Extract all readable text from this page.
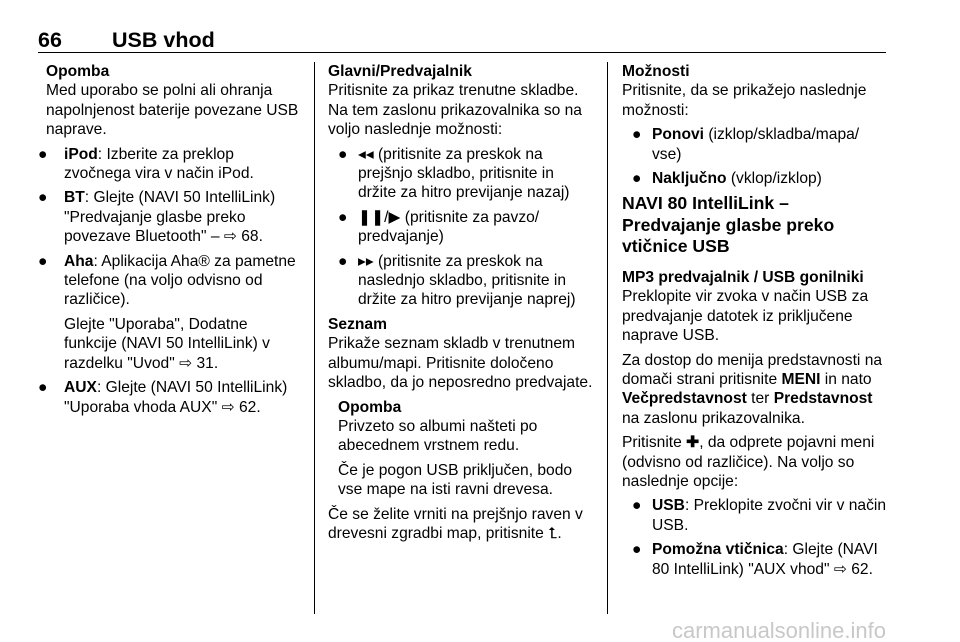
66 USB vhod

Opomba
Med uporabo se polni ali ohranja napolnjenost baterije povezane USB naprave.

● iPod: Izberite za preklop zvočnega vira v način iPod.
● BT: Glejte (NAVI 50 IntelliLink) "Predvajanje glasbe preko povezave Bluetooth" – ⇨ 68.
● Aha: Aplikacija Aha® za pametne telefone (na voljo odvisno od različice).

Glejte "Uporaba", Dodatne funkcije (NAVI 50 IntelliLink) v razdelku "Uvod" ⇨ 31.

● AUX: Glejte (NAVI 50 IntelliLink) "Uporaba vhoda AUX" ⇨ 62.

Glavni/Predvajalnik
Pritisnite za prikaz trenutne skladbe. Na tem zaslonu prikazovalnika so na voljo naslednje možnosti:

● ◂◂ (pritisnite za preskok na prejšnjo skladbo, pritisnite in držite za hitro previjanje nazaj)
● ❚❚/▶ (pritisnite za pavzo/ predvajanje)
● ▸▸ (pritisnite za preskok na naslednjo skladbo, pritisnite in držite za hitro previjanje naprej)

Seznam
Prikaže seznam skladb v trenutnem albumu/mapi. Pritisnite določeno skladbo, da jo neposredno predvajate.

Opomba
Privzeto so albumi našteti po abecednem vrstnem redu.

Če je pogon USB priključen, bodo vse mape na isti ravni drevesa.

Če se želite vrniti na prejšnjo raven v drevesni zgradbi map, pritisnite ⮤.

Možnosti
Pritisnite, da se prikažejo naslednje možnosti:

● Ponovi (izklop/skladba/mapa/ vse)
● Naključno (vklop/izklop)
NAVI 80 IntelliLink – Predvajanje glasbe preko vtičnice USB
MP3 predvajalnik / USB gonilniki

Preklopite vir zvoka v način USB za predvajanje datotek iz priključene naprave USB.

Za dostop do menija predstavnosti na domači strani pritisnite MENI in nato Večpredstavnost ter Predstavnost na zaslonu prikazovalnika.

Pritisnite ✚, da odprete pojavni meni (odvisno od različice). Na voljo so naslednje opcije:

● USB: Preklopite zvočni vir v način USB.
● Pomožna vtičnica: Glejte (NAVI 80 IntelliLink) "AUX vhod" ⇨ 62.
carmanualsonline.info
